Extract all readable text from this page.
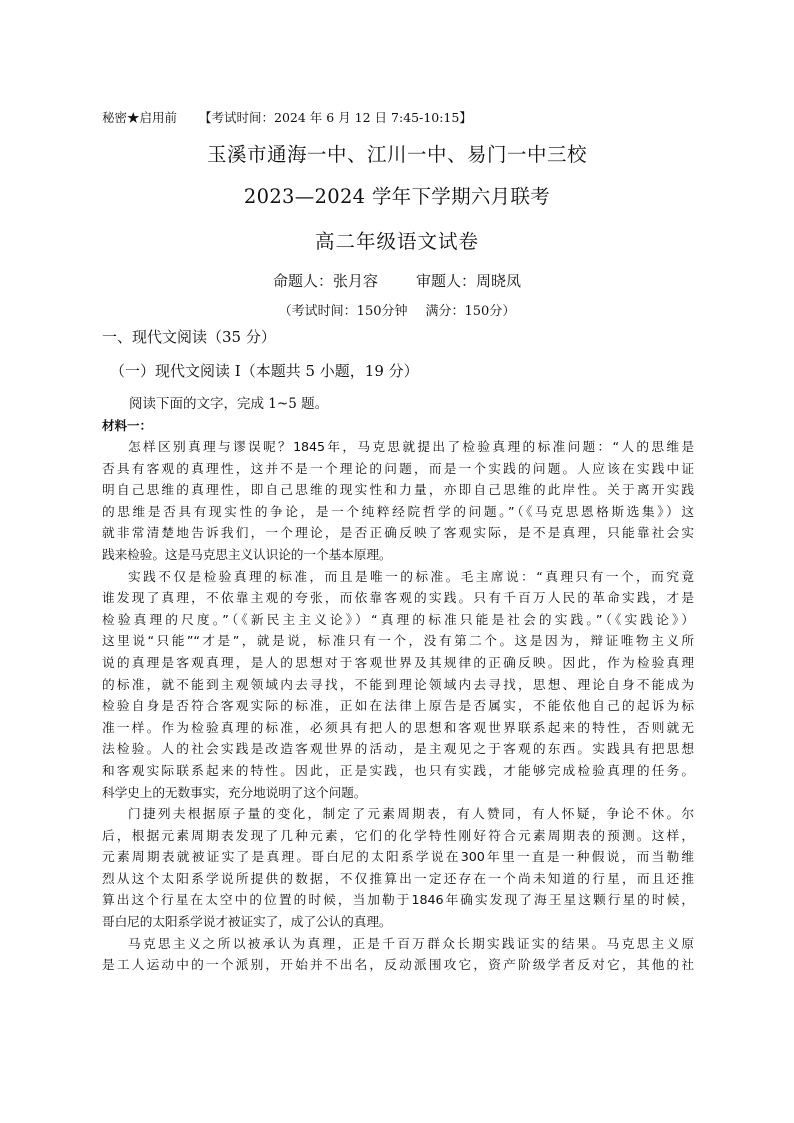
秘密★启用前 【考试时间：2024 年 6 月 12 日 7:45-10:15】
玉溪市通海一中、江川一中、易门一中三校
2023—2024 学年下学期六月联考
高二年级语文试卷
命题人：张月容	审题人：周晓凤
（考试时间：150分钟 满分：150分）
一、现代文阅读（35 分）
（一）现代文阅读 I（本题共 5 小题，19 分）
阅读下面的文字，完成 1~5 题。
材料一：
怎样区别真理与谬误呢？1845年，马克思就提出了检验真理的标准问题：“人的思维是
否具有客观的真理性，这并不是一个理论的问题，而是一个实践的问题。人应该在实践中证
明自己思维的真理性，即自己思维的现实性和力量，亦即自己思维的此岸性。关于离开实践
的思维是否具有现实性的争论，是一个纯粹经院哲学的问题。”（《马克思恩格斯选集》）这
就非常清楚地告诉我们，一个理论，是否正确反映了客观实际，是不是真理，只能靠社会实
践来检验。这是马克思主义认识论的一个基本原理。
实践不仅是检验真理的标准，而且是唯一的标准。毛主席说：“真理只有一个，而究竟
谁发现了真理，不依靠主观的夸张，而依靠客观的实践。只有千百万人民的革命实践，才是
检验真理的尺度。”（《新民主主义论》）“真理的标准只能是社会的实践。”（《实践论》）
这里说“只能”“才是”，就是说，标准只有一个，没有第二个。这是因为，辩证唯物主义所
说的真理是客观真理，是人的思想对于客观世界及其规律的正确反映。因此，作为检验真理
的标准，就不能到主观领域内去寻找，不能到理论领域内去寻找，思想、理论自身不能成为
检验自身是否符合客观实际的标准，正如在法律上原告是否属实，不能依他自己的起诉为标
准一样。作为检验真理的标准，必须具有把人的思想和客观世界联系起来的特性，否则就无
法检验。人的社会实践是改造客观世界的活动，是主观见之于客观的东西。实践具有把思想
和客观实际联系起来的特性。因此，正是实践，也只有实践，才能够完成检验真理的任务。
科学史上的无数事实，充分地说明了这个问题。
门捷列夫根据原子量的变化，制定了元素周期表，有人赞同，有人怀疑，争论不休。尔
后，根据元素周期表发现了几种元素，它们的化学特性刚好符合元素周期表的预测。这样，
元素周期表就被证实了是真理。哥白尼的太阳系学说在300年里一直是一种假说，而当勒维
烈从这个太阳系学说所提供的数据，不仅推算出一定还存在一个尚未知道的行星，而且还推
算出这个行星在太空中的位置的时候，当加勒于1846年确实发现了海王星这颗行星的时候，
哥白尼的太阳系学说才被证实了，成了公认的真理。
马克思主义之所以被承认为真理，正是千百万群众长期实践证实的结果。马克思主义原
是工人运动中的一个派别，开始并不出名，反动派围攻它，资产阶级学者反对它，其他的社
